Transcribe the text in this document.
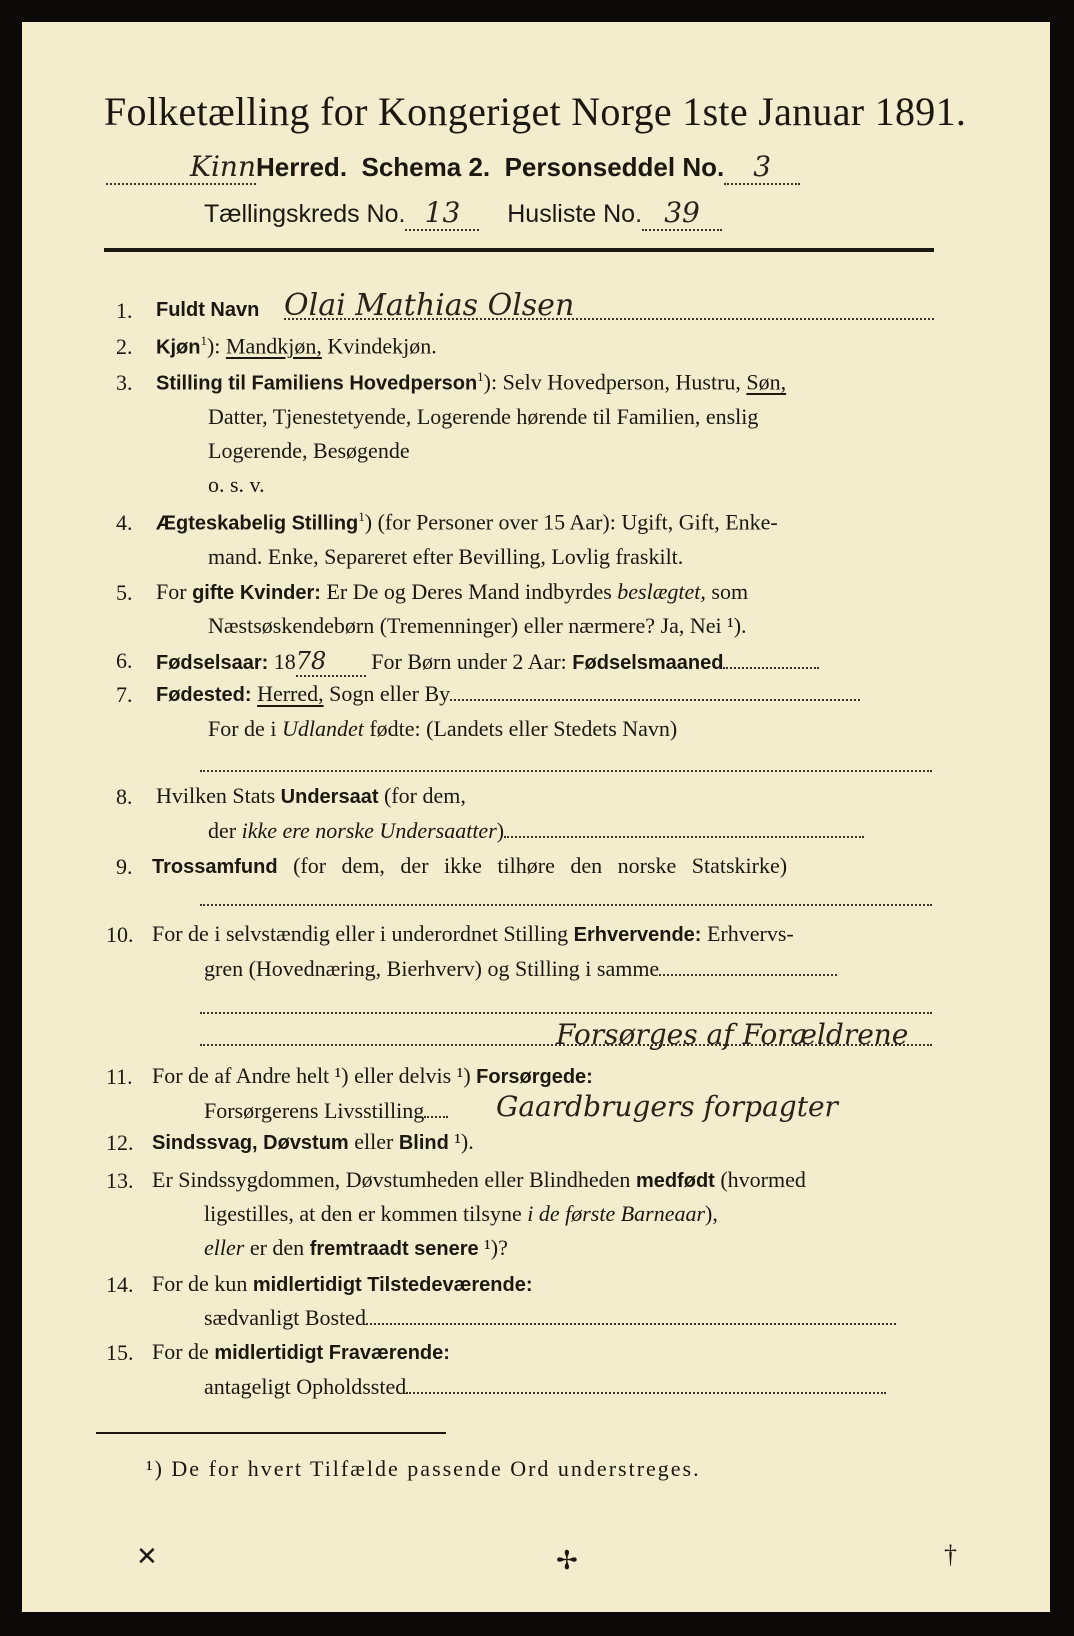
Folketælling for Kongeriget Norge 1ste Januar 1891.
KinnHerred. Schema 2. Personseddel No. 3
Tællingskreds No. 13 Husliste No. 39
1. Fuldt Navn Olai Mathias Olsen
2. Kjøn$^1$): Mandkjøn, Kvindekjøn.
3. Stilling til Familiens Hovedperson$^1$): Selv Hovedperson, Hustru, Søn,
Datter, Tjenestetyende, Logerende hørende til Familien, enslig
Logerende, Besøgende
o. s. v.
4. Ægteskabelig Stilling$^1$) (for Personer over 15 Aar): Ugift, Gift, Enke-
mand. Enke, Separeret efter Bevilling, Lovlig fraskilt.
5. For gifte Kvinder: Er De og Deres Mand indbyrdes beslægtet, som
Næstsøskendebørn (Tremenninger) eller nærmere? Ja, Nei ¹).
6. Fødselsaar: 1878 For Børn under 2 Aar: Fødselsmaaned
7. Fødested: Herred, Sogn eller By
For de i Udlandet fødte: (Landets eller Stedets Navn)
8. Hvilken Stats Undersaat (for dem,
der ikke ere norske Undersaatter)
9. Trossamfund (for dem, der ikke tilhøre den norske Statskirke)
10. For de i selvstændig eller i underordnet Stilling Erhvervende: Erhvervs-
gren (Hovednæring, Bierhverv) og Stilling i samme
Forsørges af Forældrene
11. For de af Andre helt ¹) eller delvis ¹) Forsørgede:
Forsørgerens Livsstilling	Gaardbrugers forpagter
12. Sindssvag, Døvstum eller Blind ¹).
13. Er Sindssygdommen, Døvstumheden eller Blindheden medfødt (hvormed
ligestilles, at den er kommen tilsyne i de første Barneaar),
eller er den fremtraadt senere ¹)?
14. For de kun midlertidigt Tilstedeværende:
sædvanligt Bosted
15. For de midlertidigt Fraværende:
antageligt Opholdssted
¹) De for hvert Tilfælde passende Ord understreges.
✕	✢	†
